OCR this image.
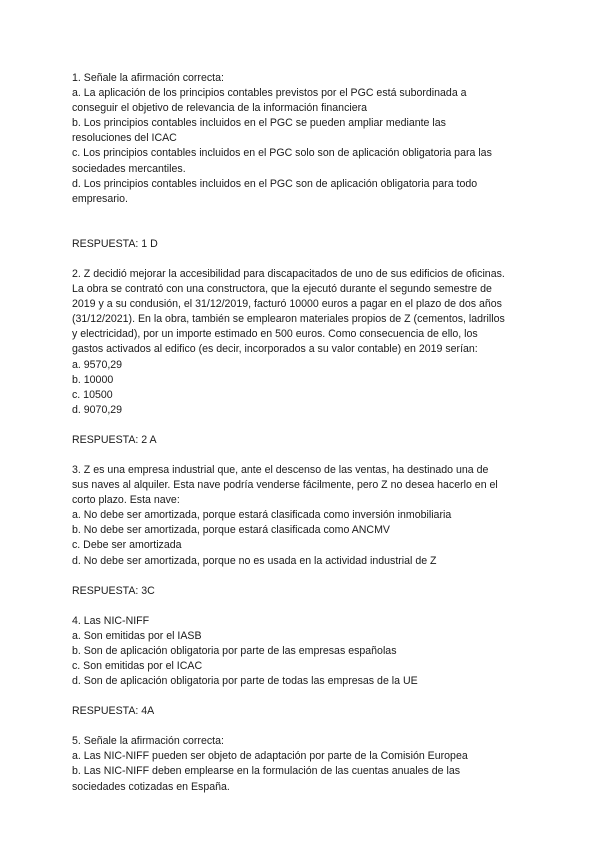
1. Señale la afirmación correcta:
a. La aplicación de los principios contables previstos por el PGC está subordinada a
conseguir el objetivo de relevancia de la información financiera
b. Los principios contables incluidos en el PGC se pueden ampliar mediante las
resoluciones del ICAC
c. Los principios contables incluidos en el PGC solo son de aplicación obligatoria para las
sociedades mercantiles.
d. Los principios contables incluidos en el PGC son de aplicación obligatoria para todo
empresario.
RESPUESTA: 1 D
2. Z decidió mejorar la accesibilidad para discapacitados de uno de sus edificios de oficinas.
La obra se contrató con una constructora, que la ejecutó durante el segundo semestre de
2019 y a su condusión, el 31/12/2019, facturó 10000 euros a pagar en el plazo de dos años
(31/12/2021). En la obra, también se emplearon materiales propios de Z (cementos, ladrillos
y electricidad), por un importe estimado en 500 euros. Como consecuencia de ello, los
gastos activados al edifico (es decir, incorporados a su valor contable) en 2019 serían:
a. 9570,29
b. 10000
c. 10500
d. 9070,29
RESPUESTA: 2 A
3. Z es una empresa industrial que, ante el descenso de las ventas, ha destinado una de
sus naves al alquiler. Esta nave podría venderse fácilmente, pero Z no desea hacerlo en el
corto plazo. Esta nave:
a. No debe ser amortizada, porque estará clasificada como inversión inmobiliaria
b. No debe ser amortizada, porque estará clasificada como ANCMV
c. Debe ser amortizada
d. No debe ser amortizada, porque no es usada en la actividad industrial de Z
RESPUESTA: 3C
4. Las NIC-NIFF
a. Son emitidas por el IASB
b. Son de aplicación obligatoria por parte de las empresas españolas
c. Son emitidas por el ICAC
d. Son de aplicación obligatoria por parte de todas las empresas de la UE
RESPUESTA: 4A
5. Señale la afirmación correcta:
a. Las NIC-NIFF pueden ser objeto de adaptación por parte de la Comisión Europea
b. Las NIC-NIFF deben emplearse en la formulación de las cuentas anuales de las
sociedades cotizadas en España.
